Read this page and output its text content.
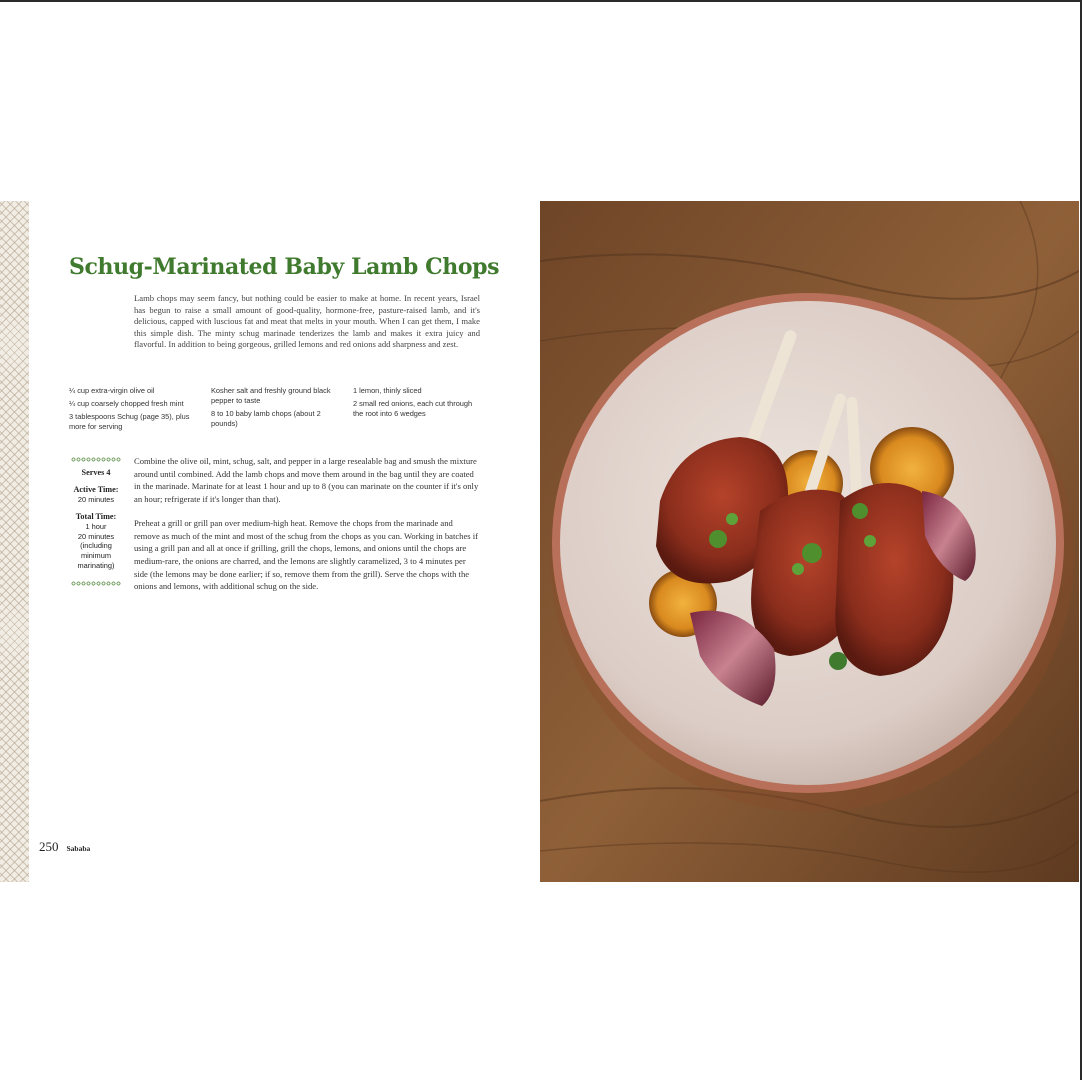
Schug-Marinated Baby Lamb Chops

Lamb chops may seem fancy, but nothing could be easier to make at home. In recent years, Israel has begun to raise a small amount of good-quality, hormone-free, pasture-raised lamb, and it's delicious, capped with luscious fat and meat that melts in your mouth. When I can get them, I make this simple dish. The minty schug marinade tenderizes the lamb and makes it extra juicy and flavorful. In addition to being gorgeous, grilled lemons and red onions add sharpness and zest.

¼ cup extra-virgin olive oil

¼ cup coarsely chopped fresh mint

3 tablespoons Schug (page 35), plus more for serving

Kosher salt and freshly ground black pepper to taste

8 to 10 baby lamb chops (about 2 pounds)

1 lemon, thinly sliced

2 small red onions, each cut through the root into 6 wedges

Serves 4
Active Time:
20 minutes
Total Time:
1 hour
20 minutes
(including
minimum
marinating)

Combine the olive oil, mint, schug, salt, and pepper in a large resealable bag and smush the mixture around until combined. Add the lamb chops and move them around in the bag until they are coated in the marinade. Marinate for at least 1 hour and up to 8 (you can marinate on the counter if it's only an hour; refrigerate if it's longer than that).

Preheat a grill or grill pan over medium-high heat. Remove the chops from the marinade and remove as much of the mint and most of the schug from the chops as you can. Working in batches if using a grill pan and all at once if grilling, grill the chops, lemons, and onions until the chops are medium-rare, the onions are charred, and the lemons are slightly caramelized, 3 to 4 minutes per side (the lemons may be done earlier; if so, remove them from the grill). Serve the chops with the onions and lemons, with additional schug on the side.

250 Sababa
